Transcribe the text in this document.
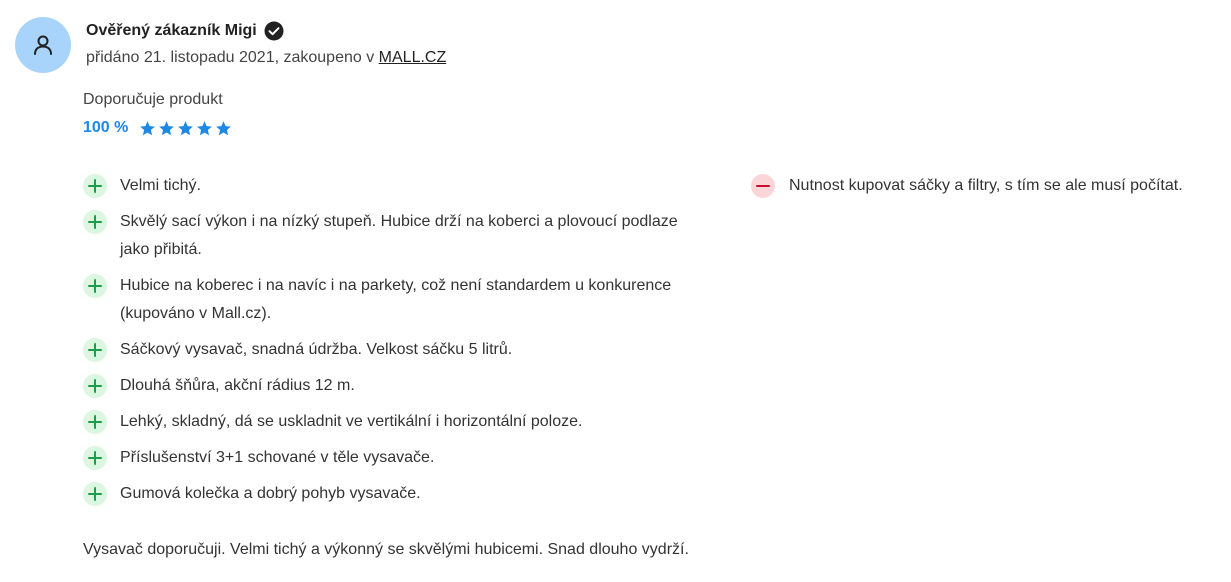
Ověřený zákazník Migi
přidáno 21. listopadu 2021, zakoupeno v MALL.CZ
Doporučuje produkt
100 %
Velmi tichý.
Skvělý sací výkon i na nízký stupeň. Hubice drží na koberci a plovoucí podlaze jako přibitá.
Hubice na koberec i na navíc i na parkety, což není standardem u konkurence (kupováno v Mall.cz).
Sáčkový vysavač, snadná údržba. Velkost sáčku 5 litrů.
Dlouhá šňůra, akční rádius 12 m.
Lehký, skladný, dá se uskladnit ve vertikální i horizontální poloze.
Příslušenství 3+1 schované v těle vysavače.
Gumová kolečka a dobrý pohyb vysavače.
Nutnost kupovat sáčky a filtry, s tím se ale musí počítat.
Vysavač doporučuji. Velmi tichý a výkonný se skvělými hubicemi. Snad dlouho vydrží.
